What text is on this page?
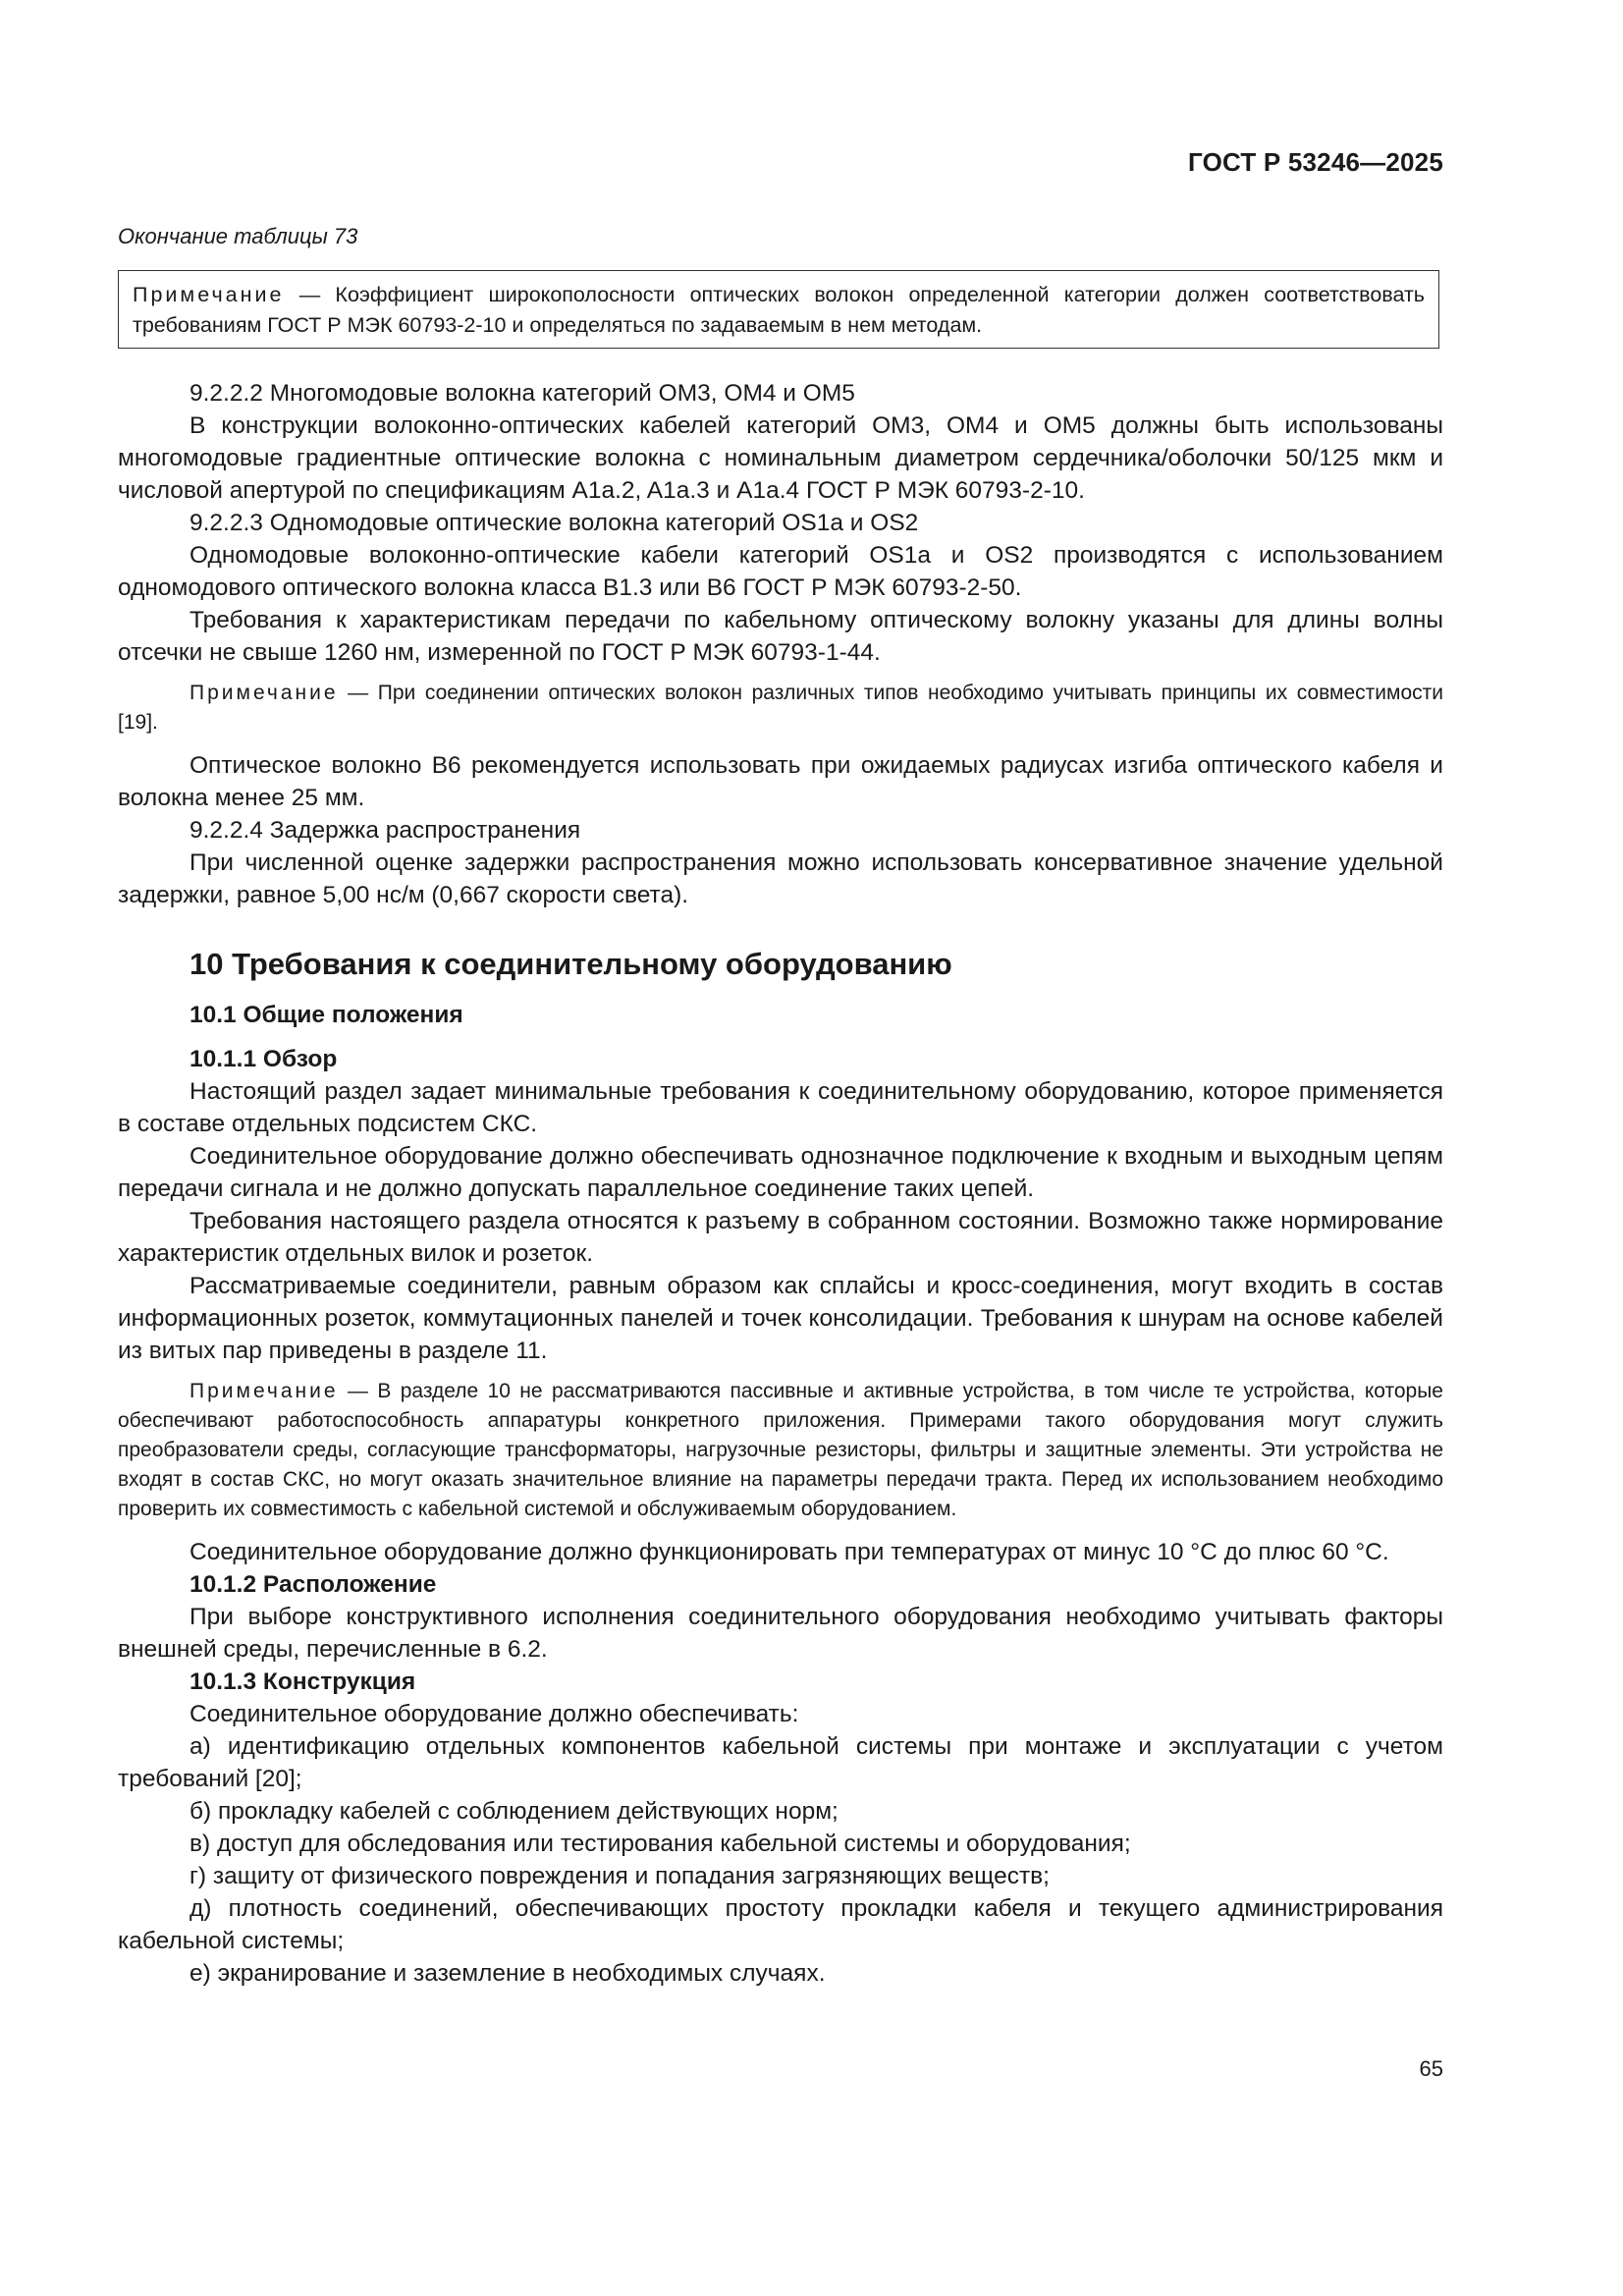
ГОСТ Р 53246—2025
Окончание таблицы 73
Примечание — Коэффициент широкополосности оптических волокон определенной категории должен соответствовать требованиям ГОСТ Р МЭК 60793-2-10 и определяться по задаваемым в нем методам.

9.2.2.2 Многомодовые волокна категорий OM3, OM4 и OM5

В конструкции волоконно-оптических кабелей категорий OM3, OM4 и OM5 должны быть использованы многомодовые градиентные оптические волокна с номинальным диаметром сердечника/оболочки 50/125 мкм и числовой апертурой по спецификациям A1a.2, A1a.3 и A1a.4 ГОСТ Р МЭК 60793-2-10.

9.2.2.3 Одномодовые оптические волокна категорий OS1a и OS2

Одномодовые волоконно-оптические кабели категорий OS1a и OS2 производятся с использованием одномодового оптического волокна класса B1.3 или B6 ГОСТ Р МЭК 60793-2-50.

Требования к характеристикам передачи по кабельному оптическому волокну указаны для длины волны отсечки не свыше 1260 нм, измеренной по ГОСТ Р МЭК 60793-1-44.

Примечание — При соединении оптических волокон различных типов необходимо учитывать принципы их совместимости [19].

Оптическое волокно B6 рекомендуется использовать при ожидаемых радиусах изгиба оптического кабеля и волокна менее 25 мм.

9.2.2.4 Задержка распространения

При численной оценке задержки распространения можно использовать консервативное значение удельной задержки, равное 5,00 нс/м (0,667 скорости света).

10 Требования к соединительному оборудованию
10.1 Общие положения
10.1.1 Обзор

Настоящий раздел задает минимальные требования к соединительному оборудованию, которое применяется в составе отдельных подсистем СКС.

Соединительное оборудование должно обеспечивать однозначное подключение к входным и выходным цепям передачи сигнала и не должно допускать параллельное соединение таких цепей.

Требования настоящего раздела относятся к разъему в собранном состоянии. Возможно также нормирование характеристик отдельных вилок и розеток.

Рассматриваемые соединители, равным образом как сплайсы и кросс-соединения, могут входить в состав информационных розеток, коммутационных панелей и точек консолидации. Требования к шнурам на основе кабелей из витых пар приведены в разделе 11.

Примечание — В разделе 10 не рассматриваются пассивные и активные устройства, в том числе те устройства, которые обеспечивают работоспособность аппаратуры конкретного приложения. Примерами такого оборудования могут служить преобразователи среды, согласующие трансформаторы, нагрузочные резисторы, фильтры и защитные элементы. Эти устройства не входят в состав СКС, но могут оказать значительное влияние на параметры передачи тракта. Перед их использованием необходимо проверить их совместимость с кабельной системой и обслуживаемым оборудованием.

Соединительное оборудование должно функционировать при температурах от минус 10 °С до плюс 60 °С.

10.1.2 Расположение

При выборе конструктивного исполнения соединительного оборудования необходимо учитывать факторы внешней среды, перечисленные в 6.2.

10.1.3 Конструкция

Соединительное оборудование должно обеспечивать:

а) идентификацию отдельных компонентов кабельной системы при монтаже и эксплуатации с учетом требований [20];

б) прокладку кабелей с соблюдением действующих норм;

в) доступ для обследования или тестирования кабельной системы и оборудования;

г) защиту от физического повреждения и попадания загрязняющих веществ;

д) плотность соединений, обеспечивающих простоту прокладки кабеля и текущего администрирования кабельной системы;

е) экранирование и заземление в необходимых случаях.

65
